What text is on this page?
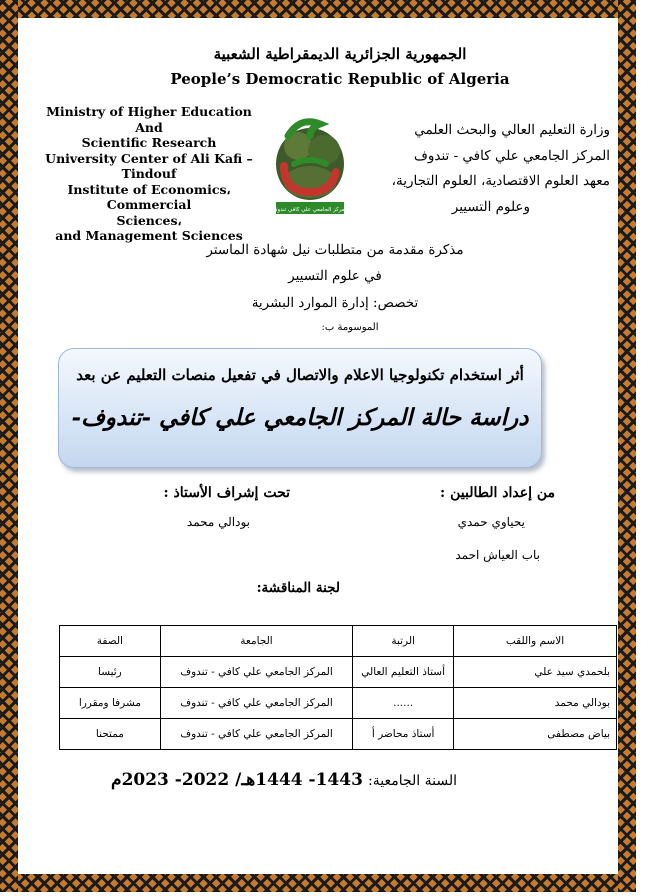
الجمهورية الجزائرية الديمقراطية الشعبية
People’s Democratic Republic of Algeria
Ministry of Higher Education And
Scientific Research
University Center of Ali Kafi –
Tindouf
Institute of Economics، Commercial
Sciences،
and Management Sciences
المركز الجامعي علي كافي تندوف
وزارة التعليم العالي والبحث العلمي
المركز الجامعي علي كافي - تندوف
معهد العلوم الاقتصادية، العلوم التجارية،
وعلوم التسيير
مذكرة مقدمة من متطلبات نيل شهادة الماستر
في علوم التسيير
تخصص: إدارة الموارد البشرية
الموسومة ب:
أثر استخدام تكنولوجيا الاعلام والاتصال في تفعيل منصات التعليم عن بعد
دراسة حالة المركز الجامعي علي كافي -تندوف-
من إعداد الطالبين :
يحياوي حمدي
باب العياش احمد
تحت إشراف الأستاذ :
بودالي محمد
لجنة المناقشة:
الاسم واللقب	الرتبة	الجامعة	الصفة
بلحمدي سيد علي	أستاذ التعليم العالي	المركز الجامعي علي كافي - تندوف	رئيسا
بودالي محمد	......	المركز الجامعي علي كافي - تندوف	مشرفا ومقررا
بياض مصطفى	أستاذ محاضر أ	المركز الجامعي علي كافي - تندوف	ممتحنا
السنة الجامعية: 1443- 1444هـ/ 2022- 2023م
